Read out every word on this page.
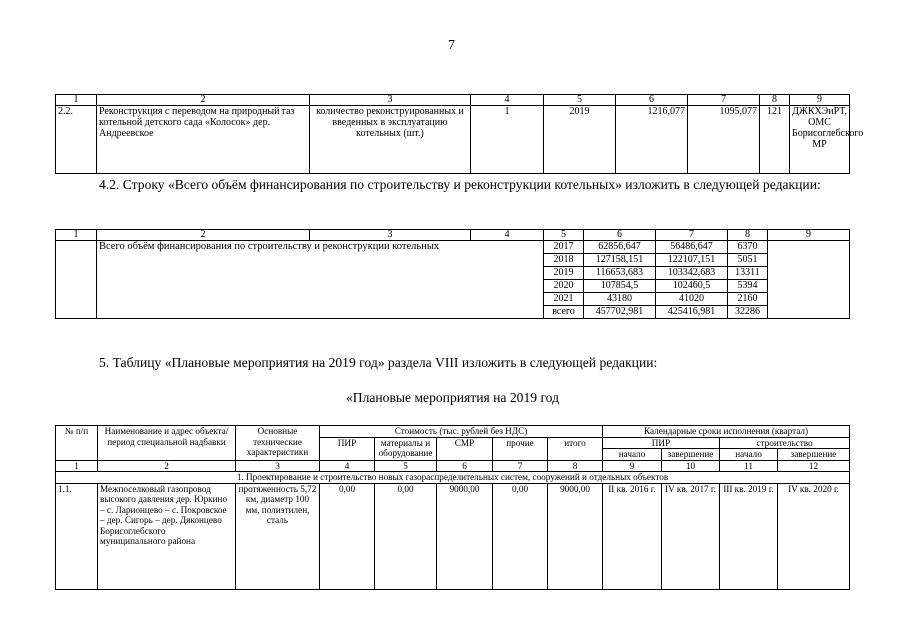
7
1	2	3	4	5	6	7	8	9
2.2.	Реконструкция с переводом на природный газ котельной детского сада «Колосок» дер. Андреевское	количество реконструированных и введенных в эксплуатацию котельных (шт.)	1	2019	1216,077	1095,077	121	ДЖКХЭиРТ, ОМС Борисоглебского МР
4.2. Строку «Всего объём финансирования по строительству и реконструкции котельных» изложить в следующей редакции:
1	2	3	4	5	6	7	8	9
	Всего объём финансирования по строительству и реконструкции котельных			2017	62856,647	56486,647	6370	
				2018	127158,151	122107,151	5051	
				2019	116653,683	103342,683	13311	
				2020	107854,5	102460,5	5394	
				2021	43180	41020	2160	
				всего	457702,981	425416,981	32286	
5. Таблицу «Плановые мероприятия на 2019 год» раздела VIII изложить в следующей редакции:
«Плановые мероприятия на 2019 год
№ п/п	Наименование и адрес объекта/ период специальной надбавки	Основные технические характеристики	Стоимость (тыс. рублей без НДС)					Календарные сроки исполнения (квартал)			
			ПИР	материалы и оборудование	СМР	прочие	итого	ПИР		строительство	
								начало	завершение	начало	завершение
1	2	3	4	5	6	7	8	9	10	11	12
1. Проектирование и строительство новых газораспределительных систем, сооружений и отдельных объектов											
1.1.	Межпоселковый газопровод высокого давления дер. Юркино – с. Ларионцево – с. Покровское – дер. Сигорь – дер. Дяконцево Борисоглебского муниципального района	протяженность 5,72 км, диаметр 100 мм, полиэтилен, сталь	0,00	0,00	9000,00	0,00	9000,00	II кв. 2016 г.	IV кв. 2017 г.	III кв. 2019 г.	IV кв. 2020 г.
